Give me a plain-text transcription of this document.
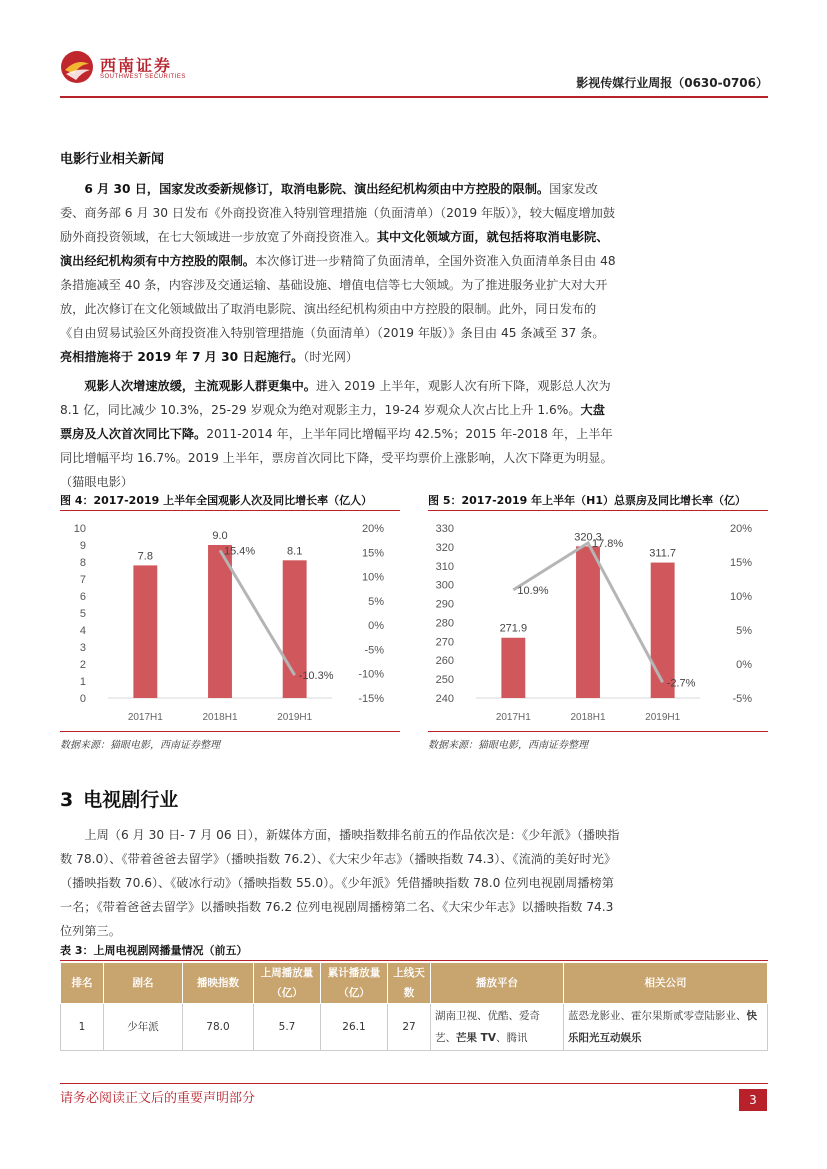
西南证券
SOUTHWEST SECURITIES	影视传媒行业周报（0630-0706）
电影行业相关新闻
6 月 30 日，国家发改委新规修订，取消电影院、演出经纪机构须由中方控股的限制。国家发改委、商务部 6 月 30 日发布《外商投资准入特别管理措施（负面清单）（2019 年版）》，较大幅度增加鼓励外商投资领域，在七大领域进一步放宽了外商投资准入。其中文化领域方面，就包括将取消电影院、演出经纪机构须有中方控股的限制。本次修订进一步精简了负面清单，全国外资准入负面清单条目由 48 条措施减至 40 条，内容涉及交通运输、基础设施、增值电信等七大领域。为了推进服务业扩大对大开放，此次修订在文化领域做出了取消电影院、演出经纪机构须由中方控股的限制。此外，同日发布的《自由贸易试验区外商投资准入特别管理措施（负面清单）（2019 年版）》条目由 45 条减至 37 条。亮相措施将于 2019 年 7 月 30 日起施行。（时光网）
观影人次增速放缓，主流观影人群更集中。进入 2019 上半年，观影人次有所下降，观影总人次为 8.1 亿，同比减少 10.3%，25-29 岁观众为绝对观影主力，19-24 岁观众人次占比上升 1.6%。大盘票房及人次首次同比下降。2011-2014 年，上半年同比增幅平均 42.5%；2015 年-2018 年，上半年同比增幅平均 16.7%。2019 上半年，票房首次同比下降，受平均票价上涨影响，人次下降更为明显。（猫眼电影）
图 4：2017-2019 上半年全国观影人次及同比增长率（亿人）
0
1
2
3
4
5
6
7
8
9
10
-15%
-10%
-5%
0%
5%
10%
15%
20%
7.8
9.0
8.1
15.4%
-10.3%
2017H1	2018H1	2019H1
数据来源：猫眼电影，西南证券整理
图 5：2017-2019 年上半年（H1）总票房及同比增长率（亿）
240
250
260
270
280
290
300
310
320
330
-5%
0%
5%
10%
15%
20%
271.9
320.3
311.7
10.9%
17.8%
-2.7%
2017H1	2018H1	2019H1
数据来源：猫眼电影，西南证券整理
3 电视剧行业
上周（6 月 30 日- 7 月 06 日），新媒体方面，播映指数排名前五的作品依次是：《少年派》（播映指数 78.0）、《带着爸爸去留学》（播映指数 76.2）、《大宋少年志》（播映指数 74.3）、《流淌的美好时光》（播映指数 70.6）、《破冰行动》（播映指数 55.0）。《少年派》凭借播映指数 78.0 位列电视剧周播榜第一名；《带着爸爸去留学》以播映指数 76.2 位列电视剧周播榜第二名、《大宋少年志》以播映指数 74.3 位列第三。
表 3：上周电视剧网播量情况（前五）
排名	剧名	播映指数	上周播放量（亿）	累计播放量（亿）	上线天数	播放平台	相关公司
1	少年派	78.0	5.7	26.1	27	湖南卫视、优酷、爱奇艺、芒果 TV、腾讯	蓝恐龙影业、霍尔果斯贰零壹陆影业、快乐阳光互动娱乐
请务必阅读正文后的重要声明部分	3
